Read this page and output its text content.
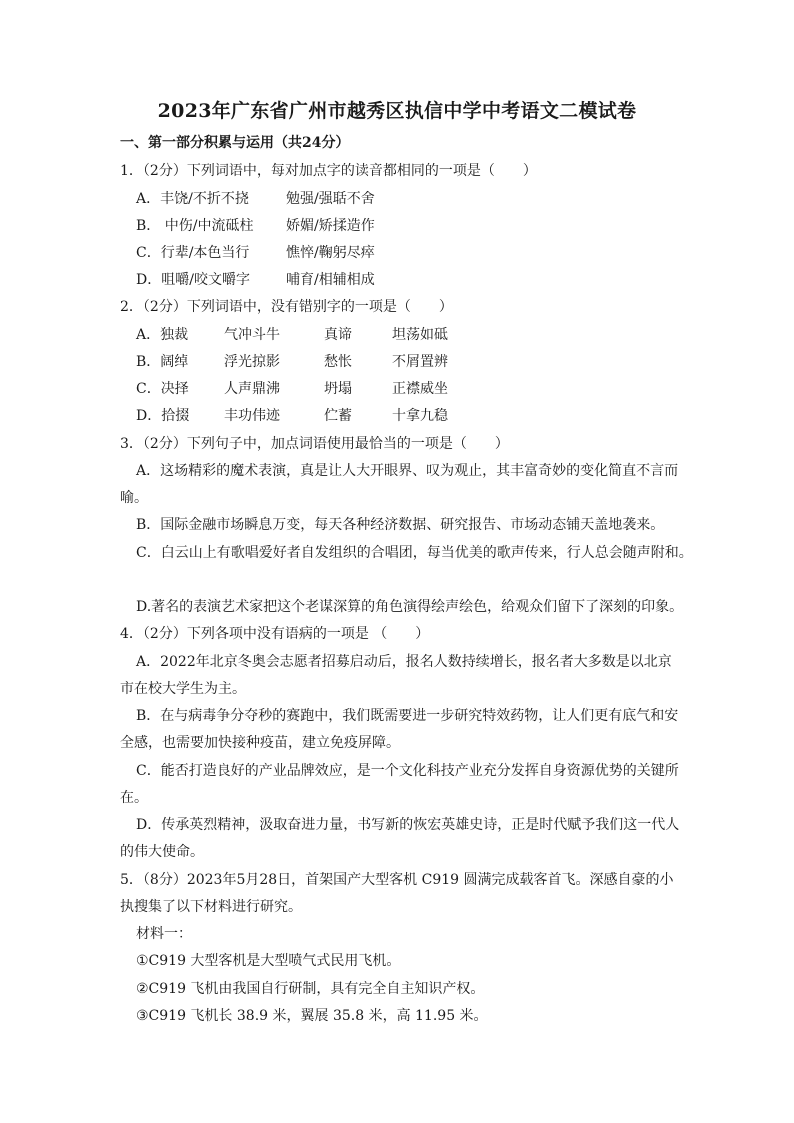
2023年广东省广州市越秀区执信中学中考语文二模试卷
一、第一部分积累与运用（共24分）
1．（2分）下列词语中，每对加点字的读音都相同的一项是（　　）
A．丰饶/不折不挠	勉强/强聒不舍
B． 中伤/中流砥柱 娇媚/矫揉造作
C．行辈/本色当行	憔悴/鞠躬尽瘁
D．咀嚼/咬文嚼字	哺育/相辅相成
2．（2分）下列词语中，没有错别字的一项是（　　）
A．独裁	气冲斗牛	真谛	坦荡如砥
B．阔绰	浮光掠影	愁怅	不屑置辨
C．决择	人声鼎沸	坍塌	正襟威坐
D．拾掇 丰功伟迹	伫蓄	十拿九稳
3．（2分）下列句子中，加点词语使用最恰当的一项是（　　）
A．这场精彩的魔术表演，真是让人大开眼界、叹为观止，其丰富奇妙的变化简直不言而
喻。
B．国际金融市场瞬息万变，每天各种经济数据、研究报告、市场动态铺天盖地袭来。
C．白云山上有歌唱爱好者自发组织的合唱团，每当优美的歌声传来，行人总会随声附和。
D.著名的表演艺术家把这个老谋深算的角色演得绘声绘色，给观众们留下了深刻的印象。
4．（2分）下列各项中没有语病的一项是 （　　）
A．2022年北京冬奥会志愿者招募启动后，报名人数持续增长，报名者大多数是以北京
市在校大学生为主。
B．在与病毒争分夺秒的赛跑中，我们既需要进一步研究特效药物，让人们更有底气和安
全感，也需要加快接种疫苗，建立免疫屏障。
C．能否打造良好的产业品牌效应，是一个文化科技产业充分发挥自身资源优势的关键所
在。
D．传承英烈精神，汲取奋进力量，书写新的恢宏英雄史诗，正是时代赋予我们这一代人
的伟大使命。
5．（8分）2023年5月28日，首架国产大型客机 C919 圆满完成载客首飞。深感自豪的小
执搜集了以下材料进行研究。
材料一：
①C919 大型客机是大型喷气式民用飞机。
②C919 飞机由我国自行研制，具有完全自主知识产权。
③C919 飞机长 38.9 米，翼展 35.8 米，高 11.95 米。
